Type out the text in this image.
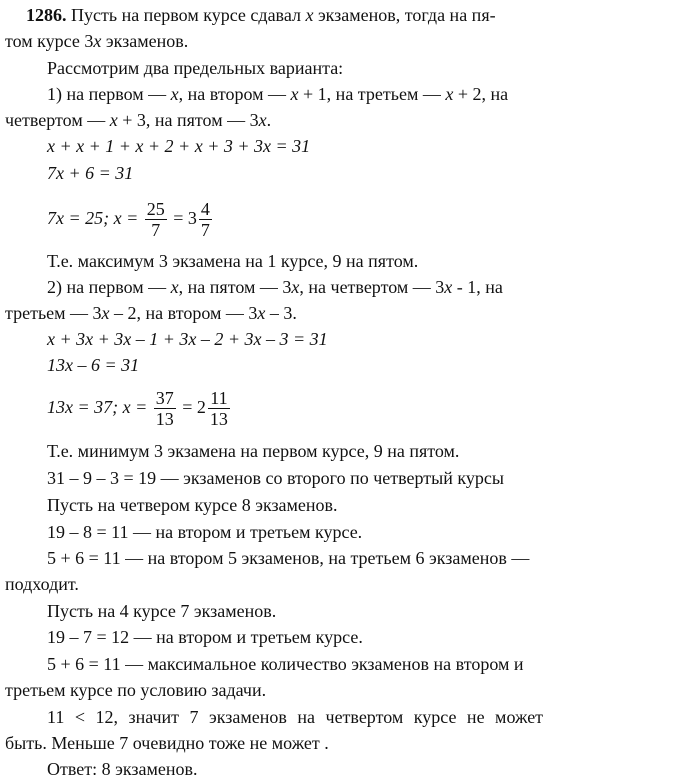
1286. Пусть на первом курсе сдавал x экзаменов, тогда на пя-
том курсе 3x экзаменов.
Рассмотрим два предельных варианта:
1) на первом — x, на втором — x + 1, на третьем — x + 2, на
четвертом — x + 3, на пятом — 3x.
x + x + 1 + x + 2 + x + 3 + 3x = 31
7x + 6 = 31
7x = 25; $x = \frac{25}{7} = 3 \frac{4}{7}$
Т.е. максимум 3 экзамена на 1 курсе, 9 на пятом.
2) на первом — x, на пятом — 3x, на четвертом — 3x - 1, на
третьем — 3x – 2, на втором — 3x – 3.
x + 3x + 3x – 1 + 3x – 2 + 3x – 3 = 31
13x – 6 = 31
13x = 37; $x = \frac{37}{13} = 2 \frac{11}{13}$
Т.е. минимум 3 экзамена на первом курсе, 9 на пятом.
31 – 9 – 3 = 19 — экзаменов со второго по четвертый курсы
Пусть на четвером курсе 8 экзаменов.
19 – 8 = 11 — на втором и третьем курсе.
5 + 6 = 11 — на втором 5 экзаменов, на третьем 6 экзаменов —
подходит.
Пусть на 4 курсе 7 экзаменов.
19 – 7 = 12 — на втором и третьем курсе.
5 + 6 = 11 — максимальное количество экзаменов на втором и
третьем курсе по условию задачи.
11 < 12, значит 7 экзаменов на четвертом курсе не может
быть. Меньше 7 очевидно тоже не может .
Ответ: 8 экзаменов.
